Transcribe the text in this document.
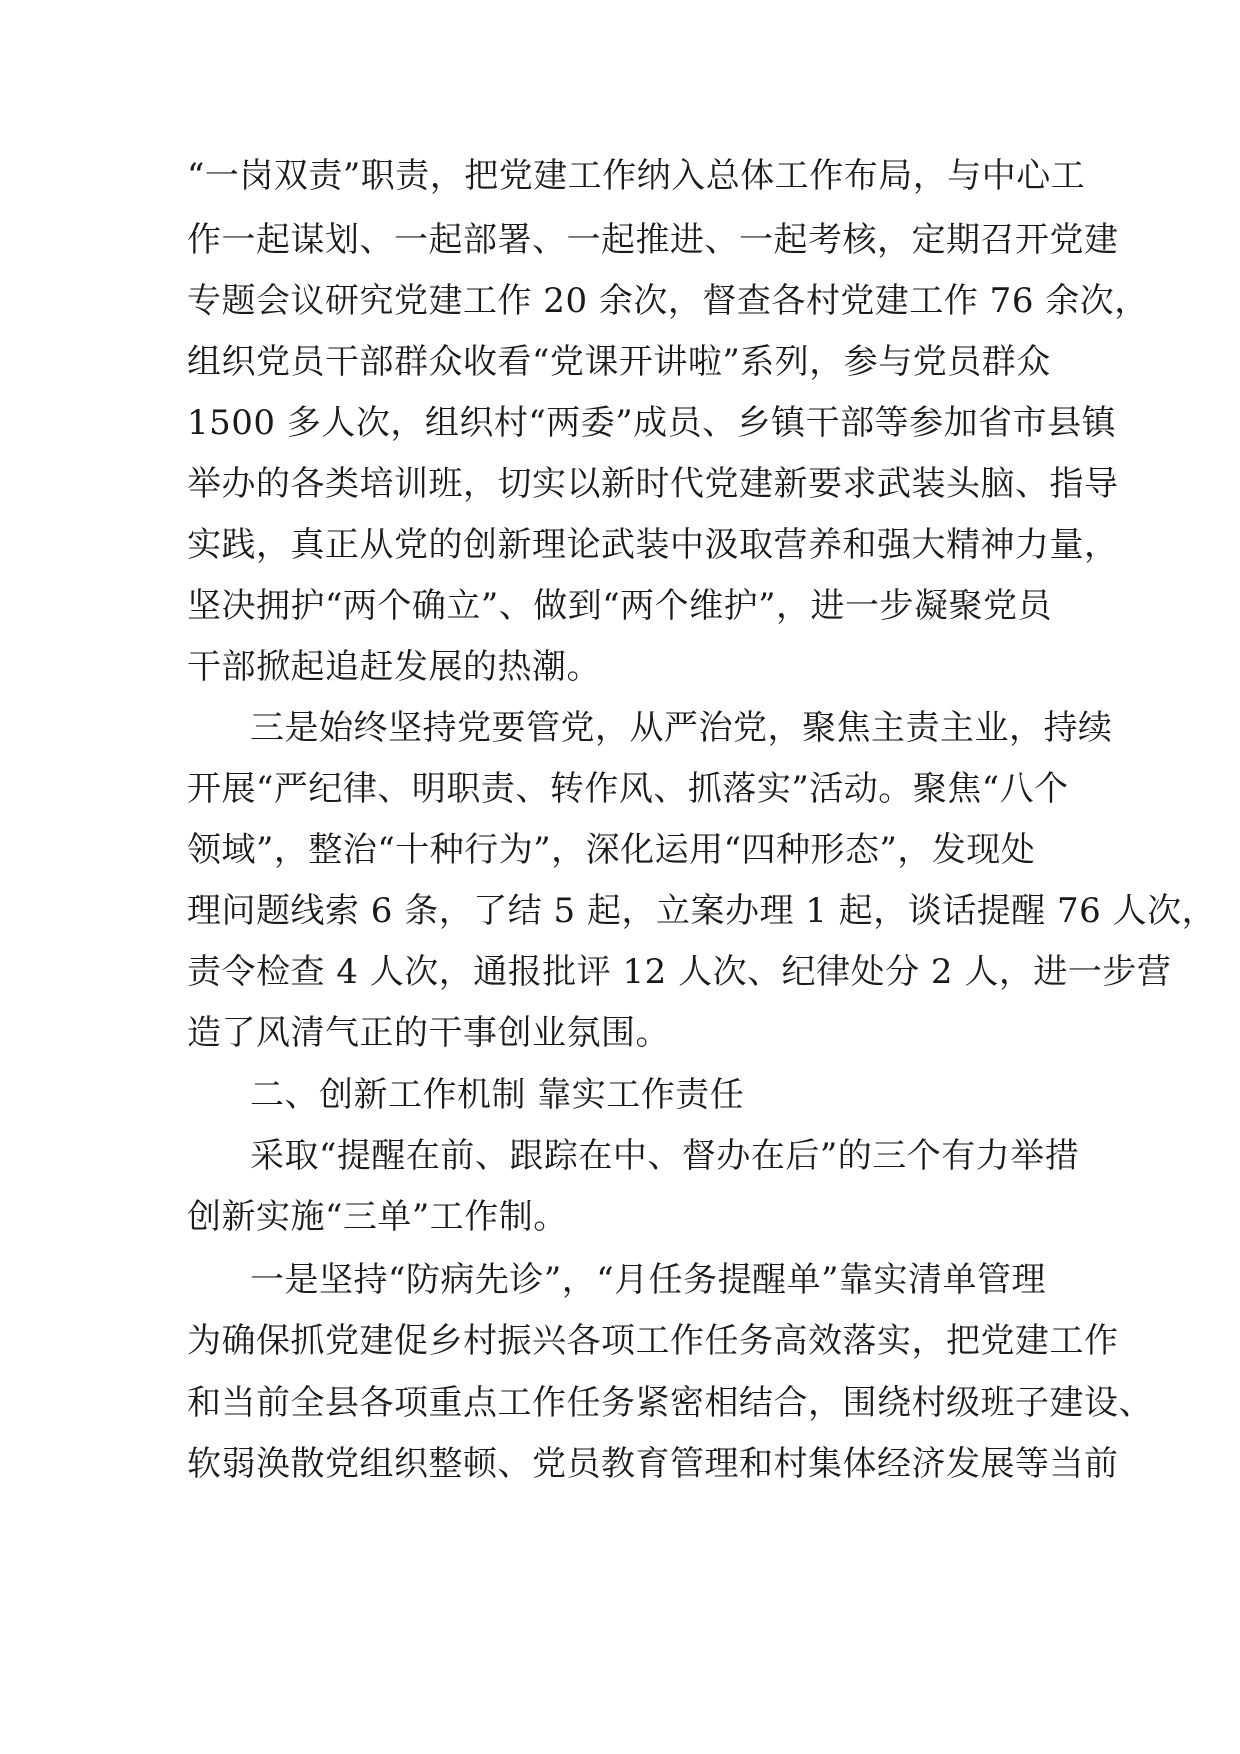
“一岗双责”职责，把党建工作纳入总体工作布局，与中心工
作一起谋划、一起部署、一起推进、一起考核，定期召开党建
专题会议研究党建工作 20 余次，督查各村党建工作 76 余次，
组织党员干部群众收看“党课开讲啦”系列，参与党员群众
1500 多人次，组织村“两委”成员、乡镇干部等参加省市县镇
举办的各类培训班，切实以新时代党建新要求武装头脑、指导
实践，真正从党的创新理论武装中汲取营养和强大精神力量，
坚决拥护“两个确立”、做到“两个维护”，进一步凝聚党员
干部掀起追赶发展的热潮。
三是始终坚持党要管党，从严治党，聚焦主责主业，持续
开展“严纪律、明职责、转作风、抓落实”活动。聚焦“八个
领域”，整治“十种行为”，深化运用“四种形态”，发现处
理问题线索 6 条，了结 5 起，立案办理 1 起，谈话提醒 76 人次，
责令检查 4 人次，通报批评 12 人次、纪律处分 2 人，进一步营
造了风清气正的干事创业氛围。
二、创新工作机制 靠实工作责任
采取“提醒在前、跟踪在中、督办在后”的三个有力举措
创新实施“三单”工作制。
一是坚持“防病先诊”，“月任务提醒单”靠实清单管理
为确保抓党建促乡村振兴各项工作任务高效落实，把党建工作
和当前全县各项重点工作任务紧密相结合，围绕村级班子建设、
软弱涣散党组织整顿、党员教育管理和村集体经济发展等当前
